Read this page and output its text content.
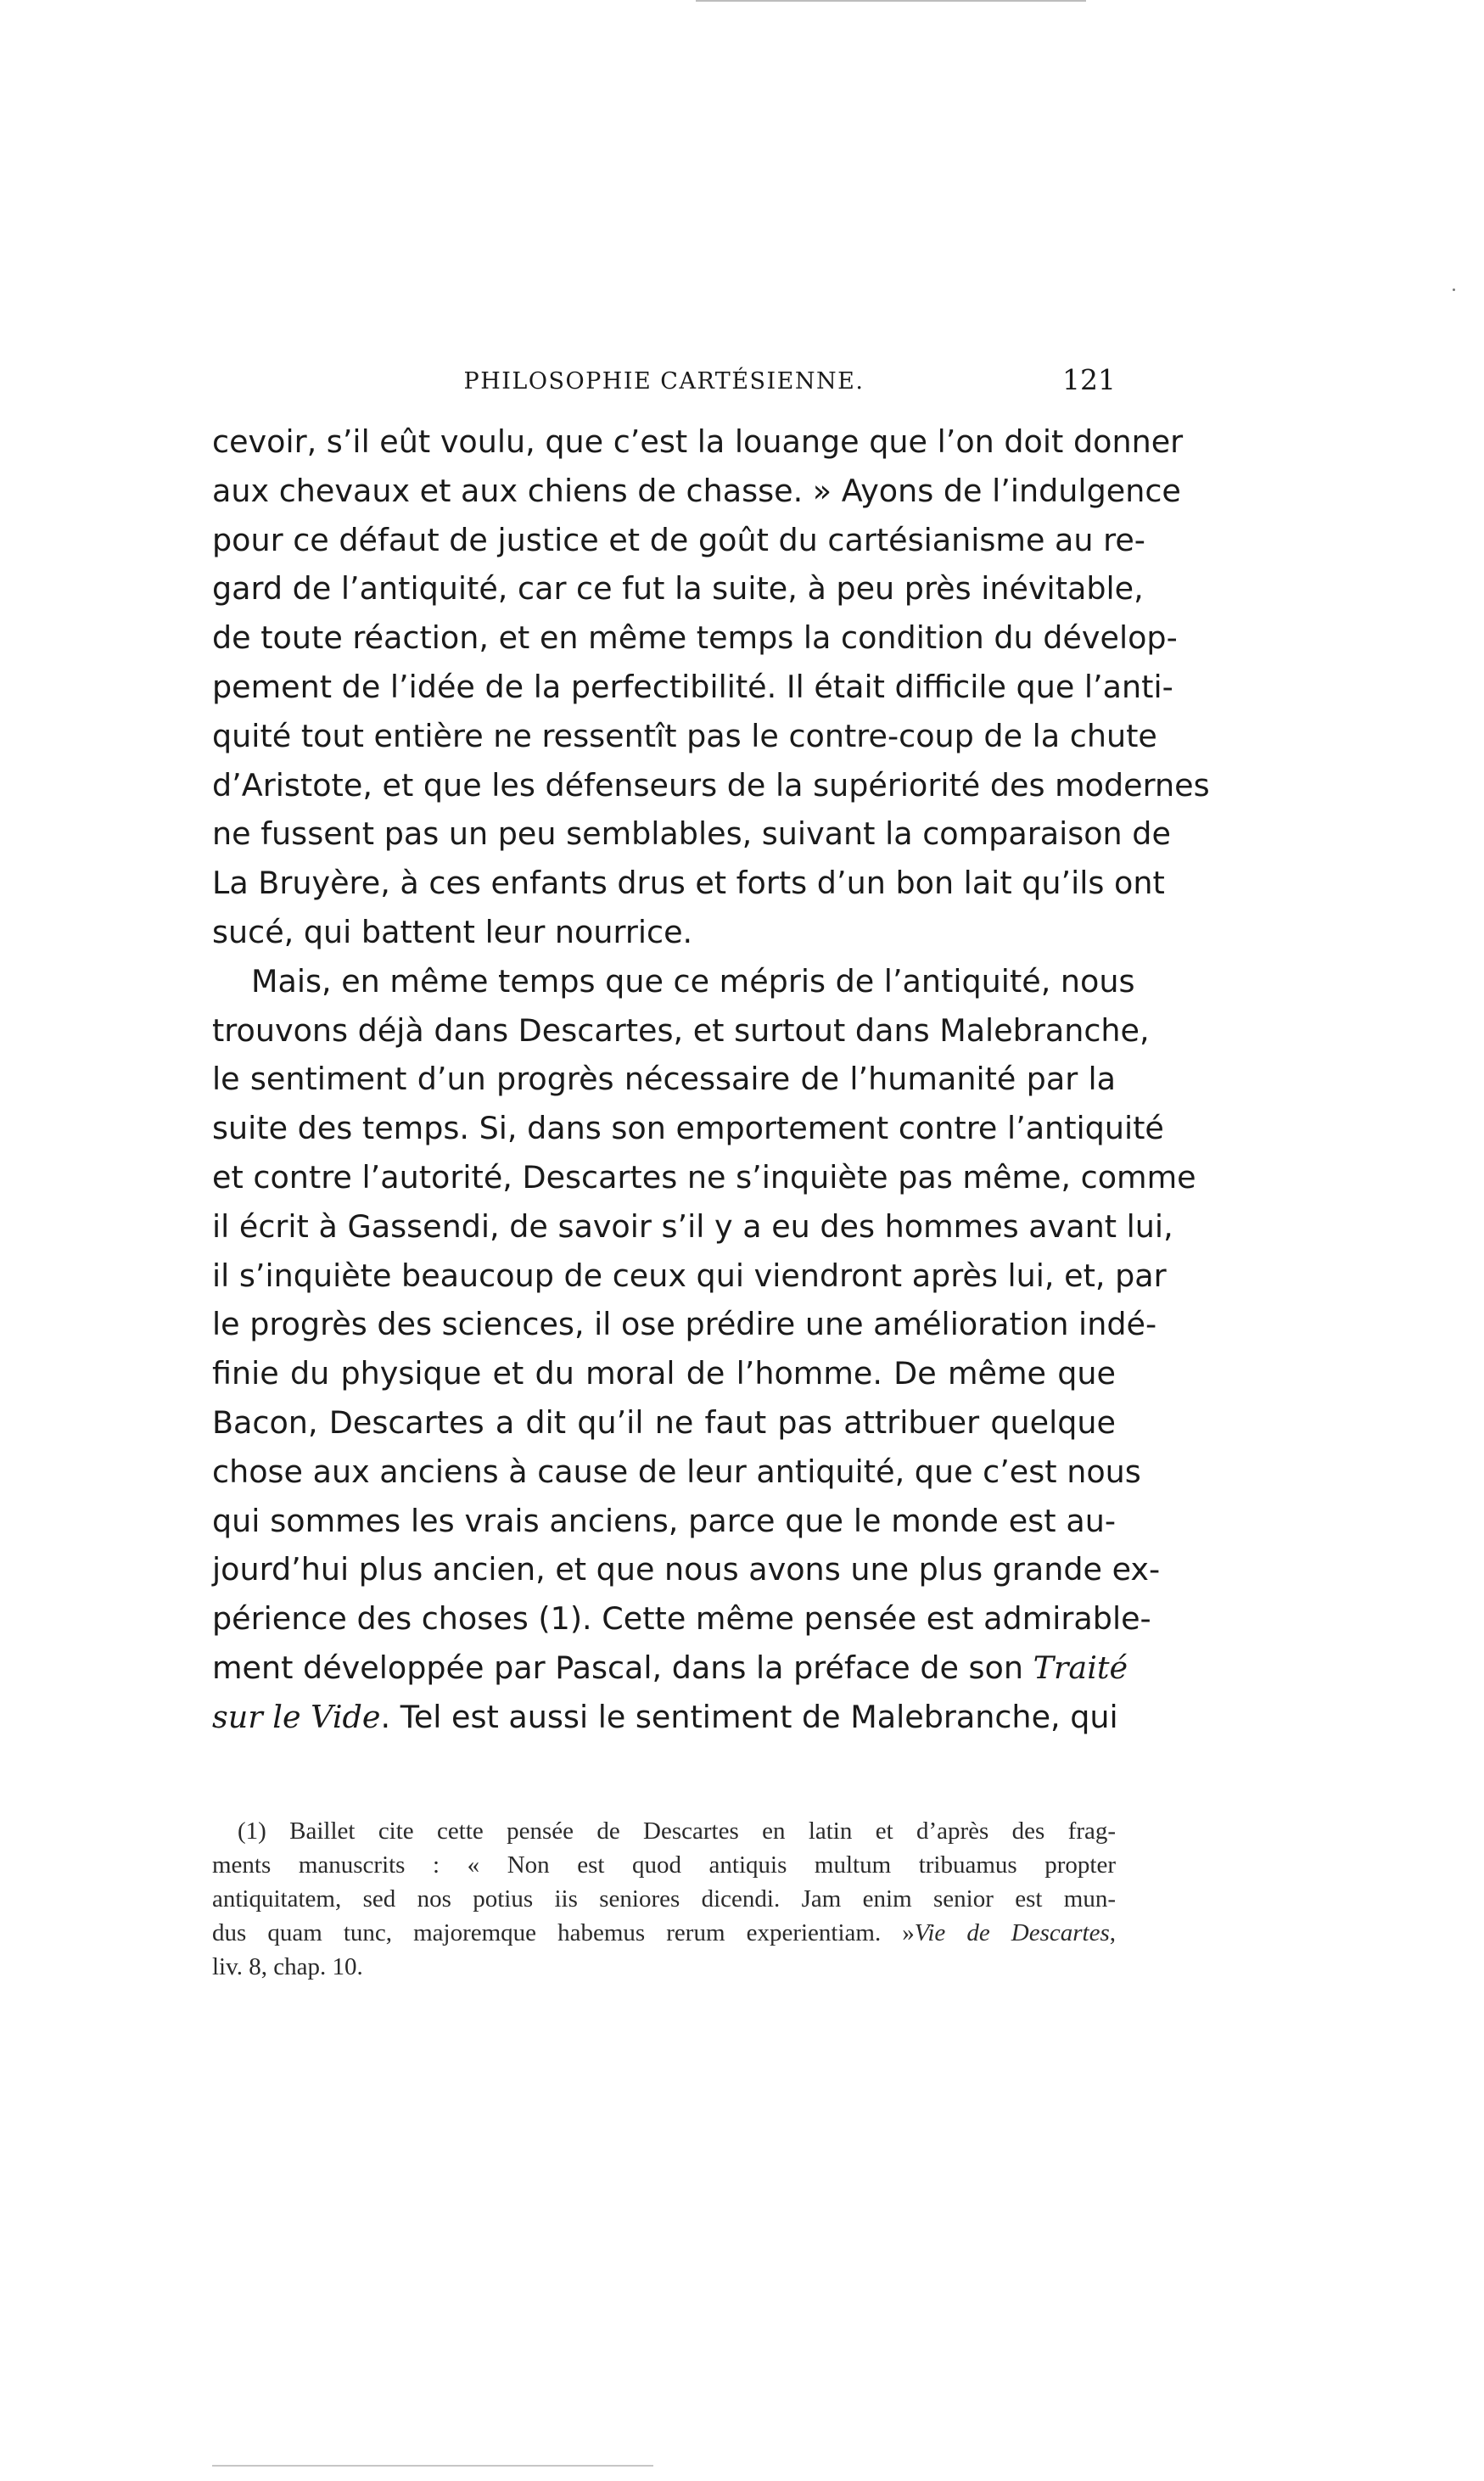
PHILOSOPHIE CARTÉSIENNE.	121
cevoir, s’il eût voulu, que c’est la louange que l’on doit donner
aux chevaux et aux chiens de chasse. » Ayons de l’indulgence
pour ce défaut de justice et de goût du cartésianisme au re-
gard de l’antiquité, car ce fut la suite, à peu près inévitable,
de toute réaction, et en même temps la condition du dévelop-
pement de l’idée de la perfectibilité. Il était difficile que l’anti-
quité tout entière ne ressentît pas le contre-coup de la chute
d’Aristote, et que les défenseurs de la supériorité des modernes
ne fussent pas un peu semblables, suivant la comparaison de
La Bruyère, à ces enfants drus et forts d’un bon lait qu’ils ont
sucé, qui battent leur nourrice.
Mais, en même temps que ce mépris de l’antiquité, nous
trouvons déjà dans Descartes, et surtout dans Malebranche,
le sentiment d’un progrès nécessaire de l’humanité par la
suite des temps. Si, dans son emportement contre l’antiquité
et contre l’autorité, Descartes ne s’inquiète pas même, comme
il écrit à Gassendi, de savoir s’il y a eu des hommes avant lui,
il s’inquiète beaucoup de ceux qui viendront après lui, et, par
le progrès des sciences, il ose prédire une amélioration indé-
finie du physique et du moral de l’homme. De même que
Bacon, Descartes a dit qu’il ne faut pas attribuer quelque
chose aux anciens à cause de leur antiquité, que c’est nous
qui sommes les vrais anciens, parce que le monde est au-
jourd’hui plus ancien, et que nous avons une plus grande ex-
périence des choses (1). Cette même pensée est admirable-
ment développée par Pascal, dans la préface de son Traité
sur le Vide. Tel est aussi le sentiment de Malebranche, qui
(1) Baillet cite cette pensée de Descartes en latin et d’après des frag-
ments manuscrits : « Non est quod antiquis multum tribuamus propter
antiquitatem, sed nos potius iis seniores dicendi. Jam enim senior est mun-
dus quam tunc, majoremque habemus rerum experientiam. »Vie de Descartes,
liv. 8, chap. 10.
